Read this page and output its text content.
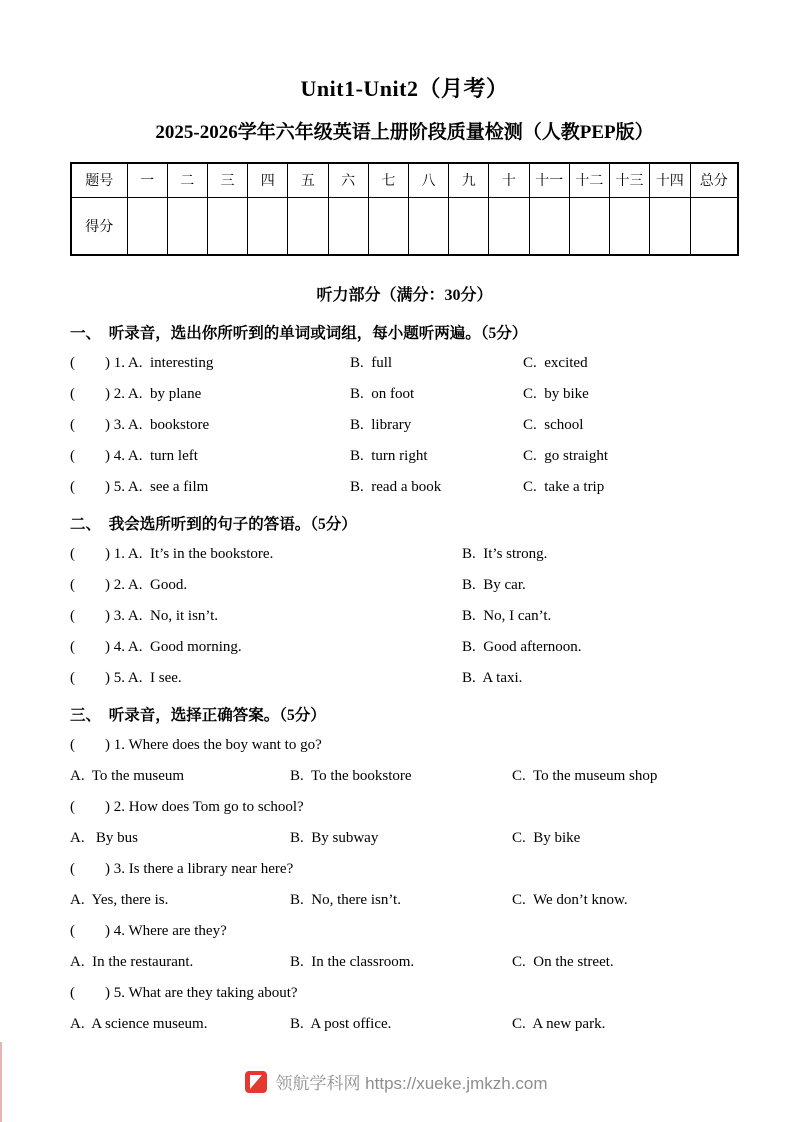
Unit1-Unit2（月考）
2025-2026学年六年级英语上册阶段质量检测（人教PEP版）
题号	一	二	三	四	五	六	七	八	九	十	十一	十二	十三	十四	总分
得分															
听力部分（满分：30分）
一、  听录音，选出你所听到的单词或词组，每小题听两遍。（5分）
(        ) 1. A.  interesting	B.  full	C.  excited
(        ) 2. A.  by plane	B.  on foot	C.  by bike
(        ) 3. A.  bookstore	B.  library	C.  school
(        ) 4. A.  turn left	B.  turn right	C.  go straight
(        ) 5. A.  see a film	B.  read a book	C.  take a trip
二、  我会选所听到的句子的答语。（5分）
(        ) 1. A.  It’s in the bookstore.	B.  It’s strong.
(        ) 2. A.  Good.	B.  By car.
(        ) 3. A.  No, it isn’t.	B.  No, I can’t.
(        ) 4. A.  Good morning.	B.  Good afternoon.
(        ) 5. A.  I see.	B.  A taxi.
三、  听录音，选择正确答案。（5分）
(        ) 1. Where does the boy want to go?
A.  To the museum	B.  To the bookstore	C.  To the museum shop
(        ) 2. How does Tom go to school?
A.   By bus	B.  By subway	C.  By bike
(        ) 3. Is there a library near here?
A.  Yes, there is.	B.  No, there isn’t.	C.  We don’t know.
(        ) 4. Where are they?
A.  In the restaurant.	B.  In the classroom.	C.  On the street.
(        ) 5. What are they taking about?
A.  A science museum.	B.  A post office.	C.  A new park.
领航学科网 https://xueke.jmkzh.com
